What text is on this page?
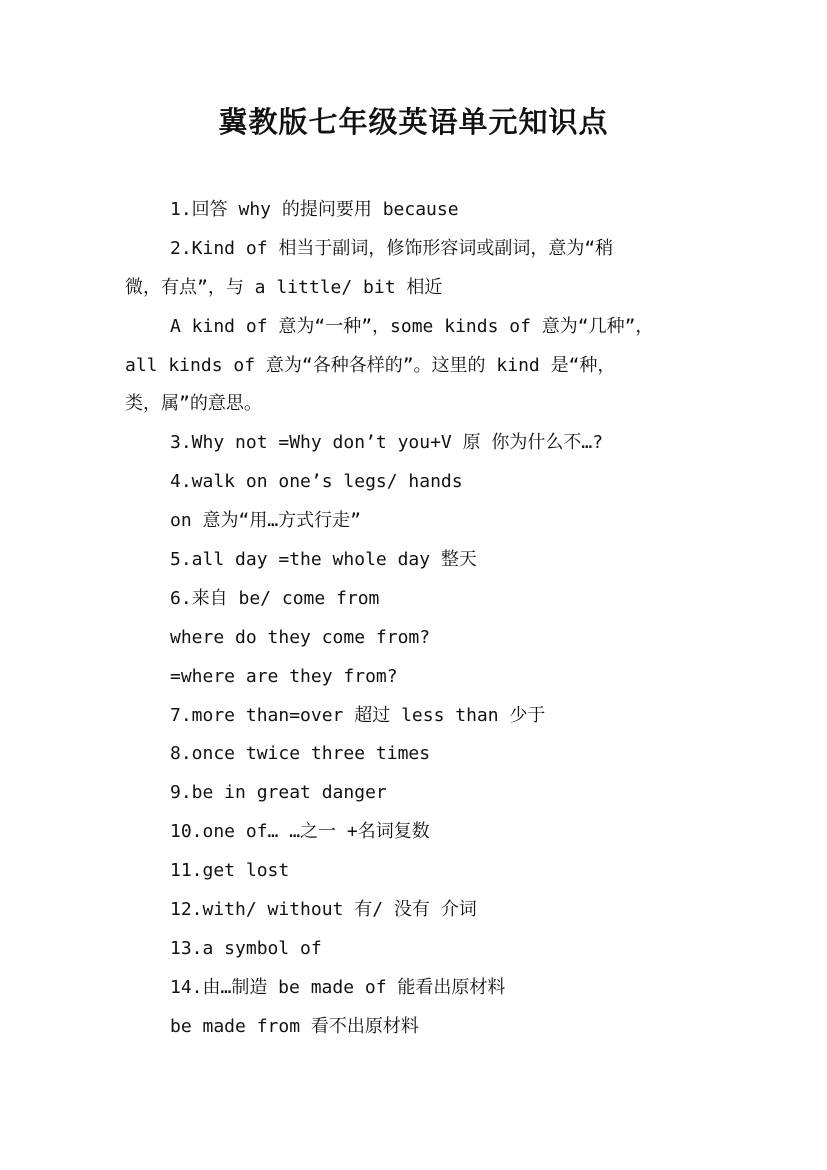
冀教版七年级英语单元知识点
1.回答 why 的提问要用 because
2.Kind of 相当于副词，修饰形容词或副词，意为“稍
微，有点”，与 a little/ bit 相近
A kind of 意为“一种”，some kinds of 意为“几种”，
all kinds of 意为“各种各样的”。这里的 kind 是“种，
类，属”的意思。
3.Why not =Why don’t you+V 原 你为什么不…?
4.walk on one’s legs/ hands
on 意为“用…方式行走”
5.all day =the whole day 整天
6.来自 be/ come from
where do they come from?
=where are they from?
7.more than=over 超过 less than 少于
8.once twice three times
9.be in great danger
10.one of… …之一 +名词复数
11.get lost
12.with/ without 有/ 没有 介词
13.a symbol of
14.由…制造 be made of 能看出原材料
be made from 看不出原材料
